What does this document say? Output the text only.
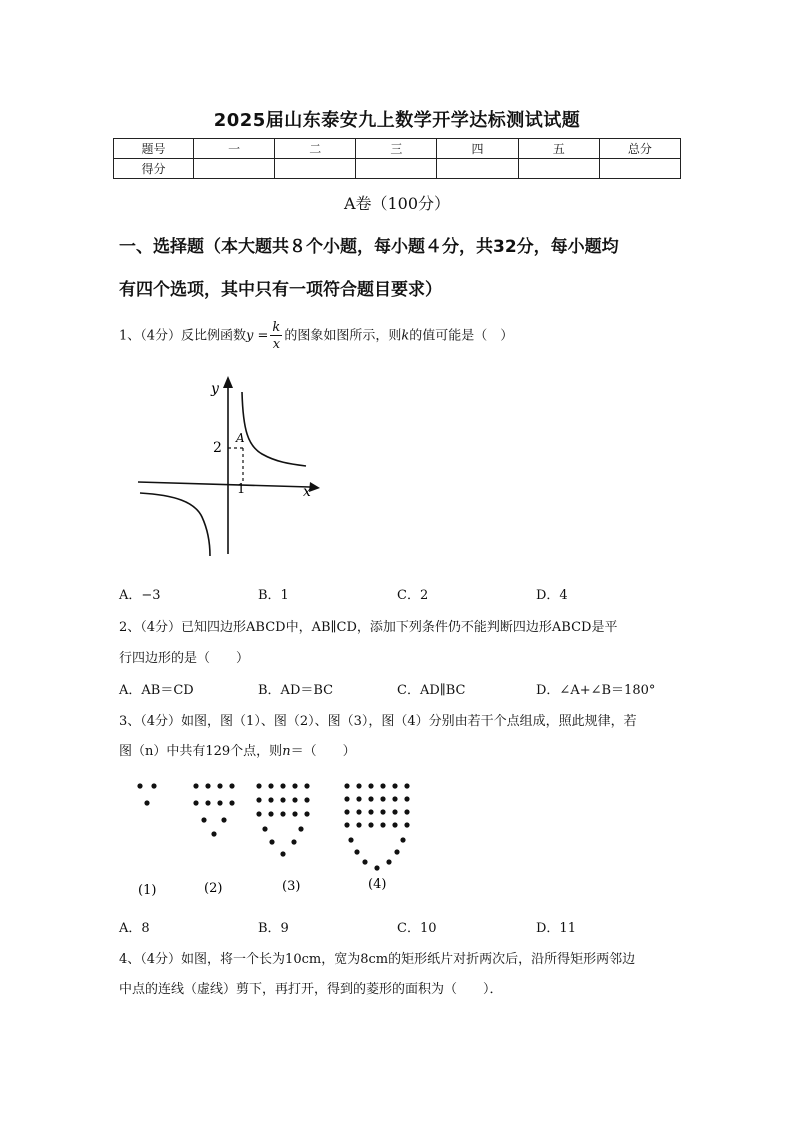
2025届山东泰安九上数学开学达标测试试题
题号	一	二	三	四	五	总分
得分						
A卷（100分）
一、选择题（本大题共８个小题，每小题４分，共32分，每小题均
有四个选项，其中只有一项符合题目要求）
1、（4分）反比例函数$y = \frac{k}{x}$ 的图象如图所示，则k的值可能是（　）
y
x
2
1
A
A．−3	B．1	C．2	D．4
2、（4分）已知四边形ABCD中，AB∥CD，添加下列条件仍不能判断四边形ABCD是平
行四边形的是（　　）
A．AB＝CD	B．AD＝BC	C．AD∥BC	D．∠A+∠B＝180°
3、（4分）如图，图（1）、图（2）、图（3），图（4）分别由若干个点组成，照此规律，若
图（n）中共有129个点，则n＝（　　）
(1)	(2)	(3)	(4)
A．8	B．9	C．10	D．11
4、（4分）如图，将一个长为10cm，宽为8cm的矩形纸片对折两次后，沿所得矩形两邻边
中点的连线（虚线）剪下，再打开，得到的菱形的面积为（　　）．
